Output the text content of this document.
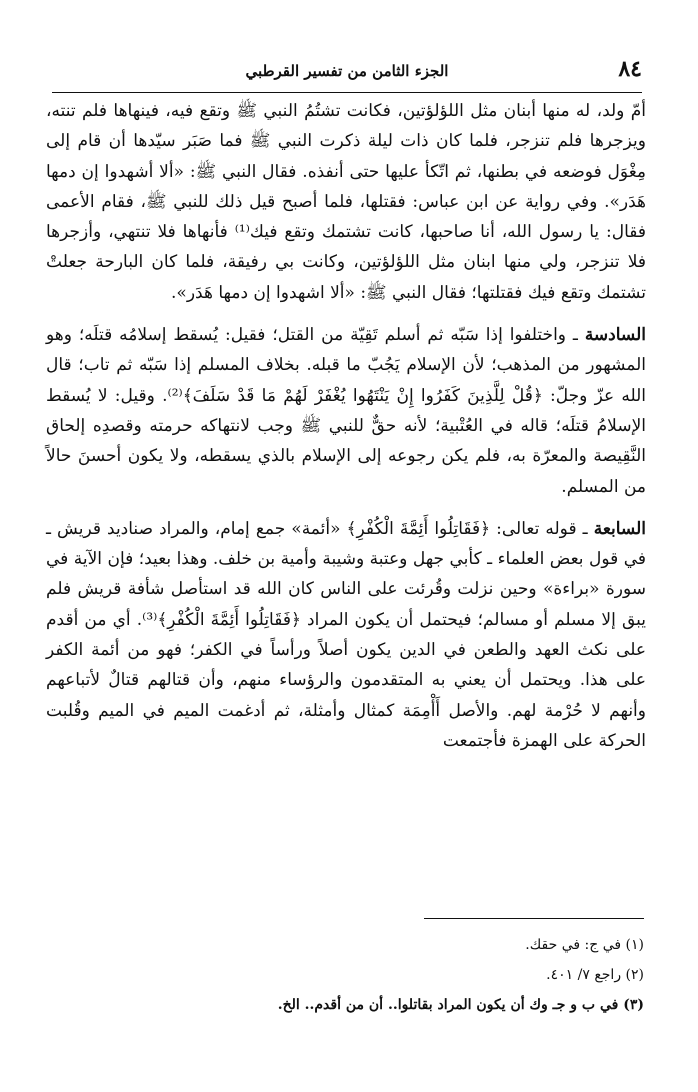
٨٤
الجزء الثامن من تفسير القرطبي

أمّ ولد، له منها أبنان مثل اللؤلؤتين، فكانت تشتُمُ النبي ﷺ وتقع فيه، فينهاها فلم تنته، ويزجرها فلم تنزجر، فلما كان ذات ليلة ذكرت النبي ﷺ فما صَبَر سيّدها أن قام إلى مِغْوَل فوضعه في بطنها، ثم اتّكأ عليها حتى أنفذه. فقال النبي ﷺ: «ألا أشهدوا إن دمها هَدَر». وفي رواية عن ابن عباس: فقتلها، فلما أصبح قيل ذلك للنبي ﷺ، فقام الأعمى فقال: يا رسول الله، أنا صاحبها، كانت تشتمك وتقع فيك⁽¹⁾ فأنهاها فلا تنتهي، وأزجرها فلا تنزجر، ولي منها ابنان مثل اللؤلؤتين، وكانت بي رفيقة، فلما كان البارحة جعلتْ تشتمك وتقع فيك فقتلتها؛ فقال النبي ﷺ: «ألا اشهدوا إن دمها هَدَر».

السادسة ـ واختلفوا إذا سَبّه ثم أسلم تَقِيّة من القتل؛ فقيل: يُسقط إسلامُه قتلَه؛ وهو المشهور من المذهب؛ لأن الإسلام يَجُبّ ما قبله. بخلاف المسلم إذا سَبّه ثم تاب؛ قال الله عزّ وجلّ: ﴿قُلْ لِلَّذِينَ كَفَرُوا إِنْ يَنْتَهُوا يُغْفَرْ لَهُمْ مَا قَدْ سَلَفَ﴾⁽²⁾. وقيل: لا يُسقط الإسلامُ قتلَه؛ قاله في العُتْبية؛ لأنه حقٌّ للنبي ﷺ وجب لانتهاكه حرمته وقصدِه إلحاق النَّقِيصة والمعرّة به، فلم يكن رجوعه إلى الإسلام بالذي يسقطه، ولا يكون أحسنَ حالاً من المسلم.

السابعة ـ قوله تعالى: ﴿فَقَاتِلُوا أَئِمَّةَ الْكُفْرِ﴾ «أئمة» جمع إمام، والمراد صناديد قريش ـ في قول بعض العلماء ـ كأبي جهل وعتبة وشيبة وأمية بن خلف. وهذا بعيد؛ فإن الآية في سورة «براءة» وحين نزلت وقُرئت على الناس كان الله قد استأصل شأفة قريش فلم يبق إلا مسلم أو مسالم؛ فيحتمل أن يكون المراد ﴿فَقَاتِلُوا أَئِمَّةَ الْكُفْرِ﴾⁽³⁾. أي من أقدم على نكث العهد والطعن في الدين يكون أصلاً ورأساً في الكفر؛ فهو من أئمة الكفر على هذا. ويحتمل أن يعني به المتقدمون والرؤساء منهم، وأن قتالهم قتالٌ لأتباعهم وأنهم لا حُرْمة لهم. والأصل أَأْمِمَة كمثال وأمثلة، ثم أدغمت الميم في الميم وقُلبت الحركة على الهمزة فأجتمعت

(١) في ج: في حقك.

(٢) راجع ٧/ ٤٠١.

(٣) في ب و جـ وك أن يكون المراد بقاتلوا.. أن من أقدم.. الخ.
